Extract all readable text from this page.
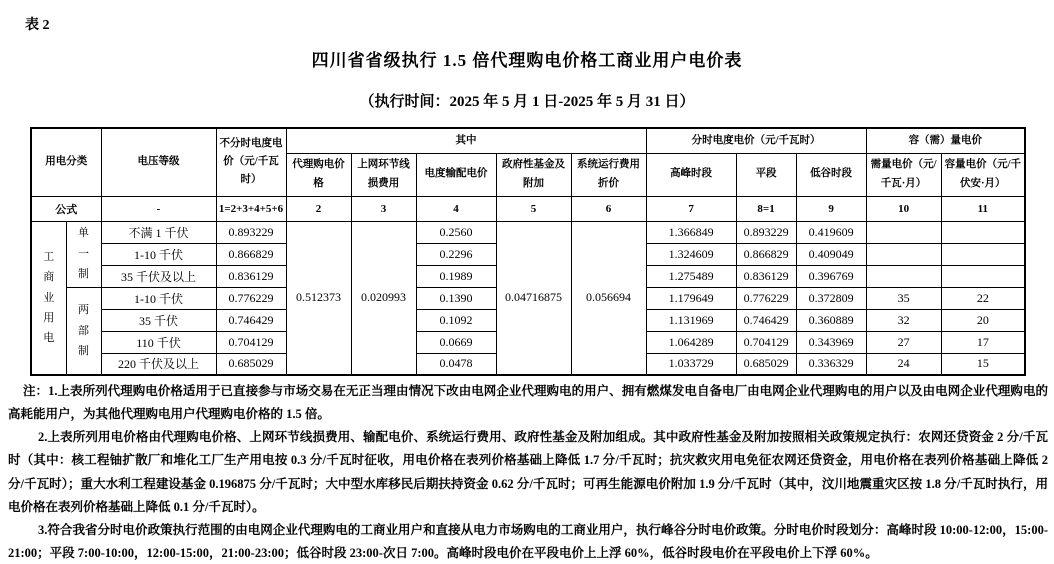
表 2
四川省省级执行 1.5 倍代理购电价格工商业用户电价表
（执行时间：2025 年 5 月 1 日-2025 年 5 月 31 日）
用电分类		电压等级	不分时电度电价（元/千瓦时）	其中					分时电度电价（元/千瓦时）			容（需）量电价	
				代理购电价格	上网环节线损费用	电度输配电价	政府性基金及附加	系统运行费用折价	高峰时段	平段	低谷时段	需量电价（元/千瓦·月）	容量电价（元/千伏安·月）
公式		-	1=2+3+4+5+6	2	3	4	5	6	7	8=1	9	10	11

工商业用电	单一制	不满 1 千伏	0.893229	0.512373	0.020993	0.2560	0.04716875	0.056694	1.366849	0.893229	0.419609		
		1-10 千伏	0.866829			0.2296			1.324609	0.866829	0.409049		
		35 千伏及以上	0.836129			0.1989			1.275489	0.836129	0.396769		

	两部制	1-10 千伏	0.776229			0.1390			1.179649	0.776229	0.372809	35	22
		35 千伏	0.746429			0.1092			1.131969	0.746429	0.360889	32	20
		110 千伏	0.704129			0.0669			1.064289	0.704129	0.343969	27	17
		220 千伏及以上	0.685029			0.0478			1.033729	0.685029	0.336329	24	15

注：1.上表所列代理购电价格适用于已直接参与市场交易在无正当理由情况下改由电网企业代理购电的用户、拥有燃煤发电自备电厂由电网企业代理购电的用户以及由电网企业代理购电的高耗能用户，为其他代理购电用户代理购电价格的 1.5 倍。

2.上表所列用电价格由代理购电价格、上网环节线损费用、输配电价、系统运行费用、政府性基金及附加组成。其中政府性基金及附加按照相关政策规定执行：农网还贷资金 2 分/千瓦时（其中：核工程铀扩散厂和堆化工厂生产用电按 0.3 分/千瓦时征收，用电价格在表列价格基础上降低 1.7 分/千瓦时；抗灾救灾用电免征农网还贷资金，用电价格在表列价格基础上降低 2 分/千瓦时）；重大水利工程建设基金 0.196875 分/千瓦时；大中型水库移民后期扶持资金 0.62 分/千瓦时；可再生能源电价附加 1.9 分/千瓦时（其中，汶川地震重灾区按 1.8 分/千瓦时执行，用电价格在表列价格基础上降低 0.1 分/千瓦时）。

3.符合我省分时电价政策执行范围的由电网企业代理购电的工商业用户和直接从电力市场购电的工商业用户，执行峰谷分时电价政策。分时电价时段划分：高峰时段 10:00-12:00，15:00-21:00；平段 7:00-10:00，12:00-15:00，21:00-23:00；低谷时段 23:00-次日 7:00。高峰时段电价在平段电价上上浮 60%，低谷时段电价在平段电价上下浮 60%。
